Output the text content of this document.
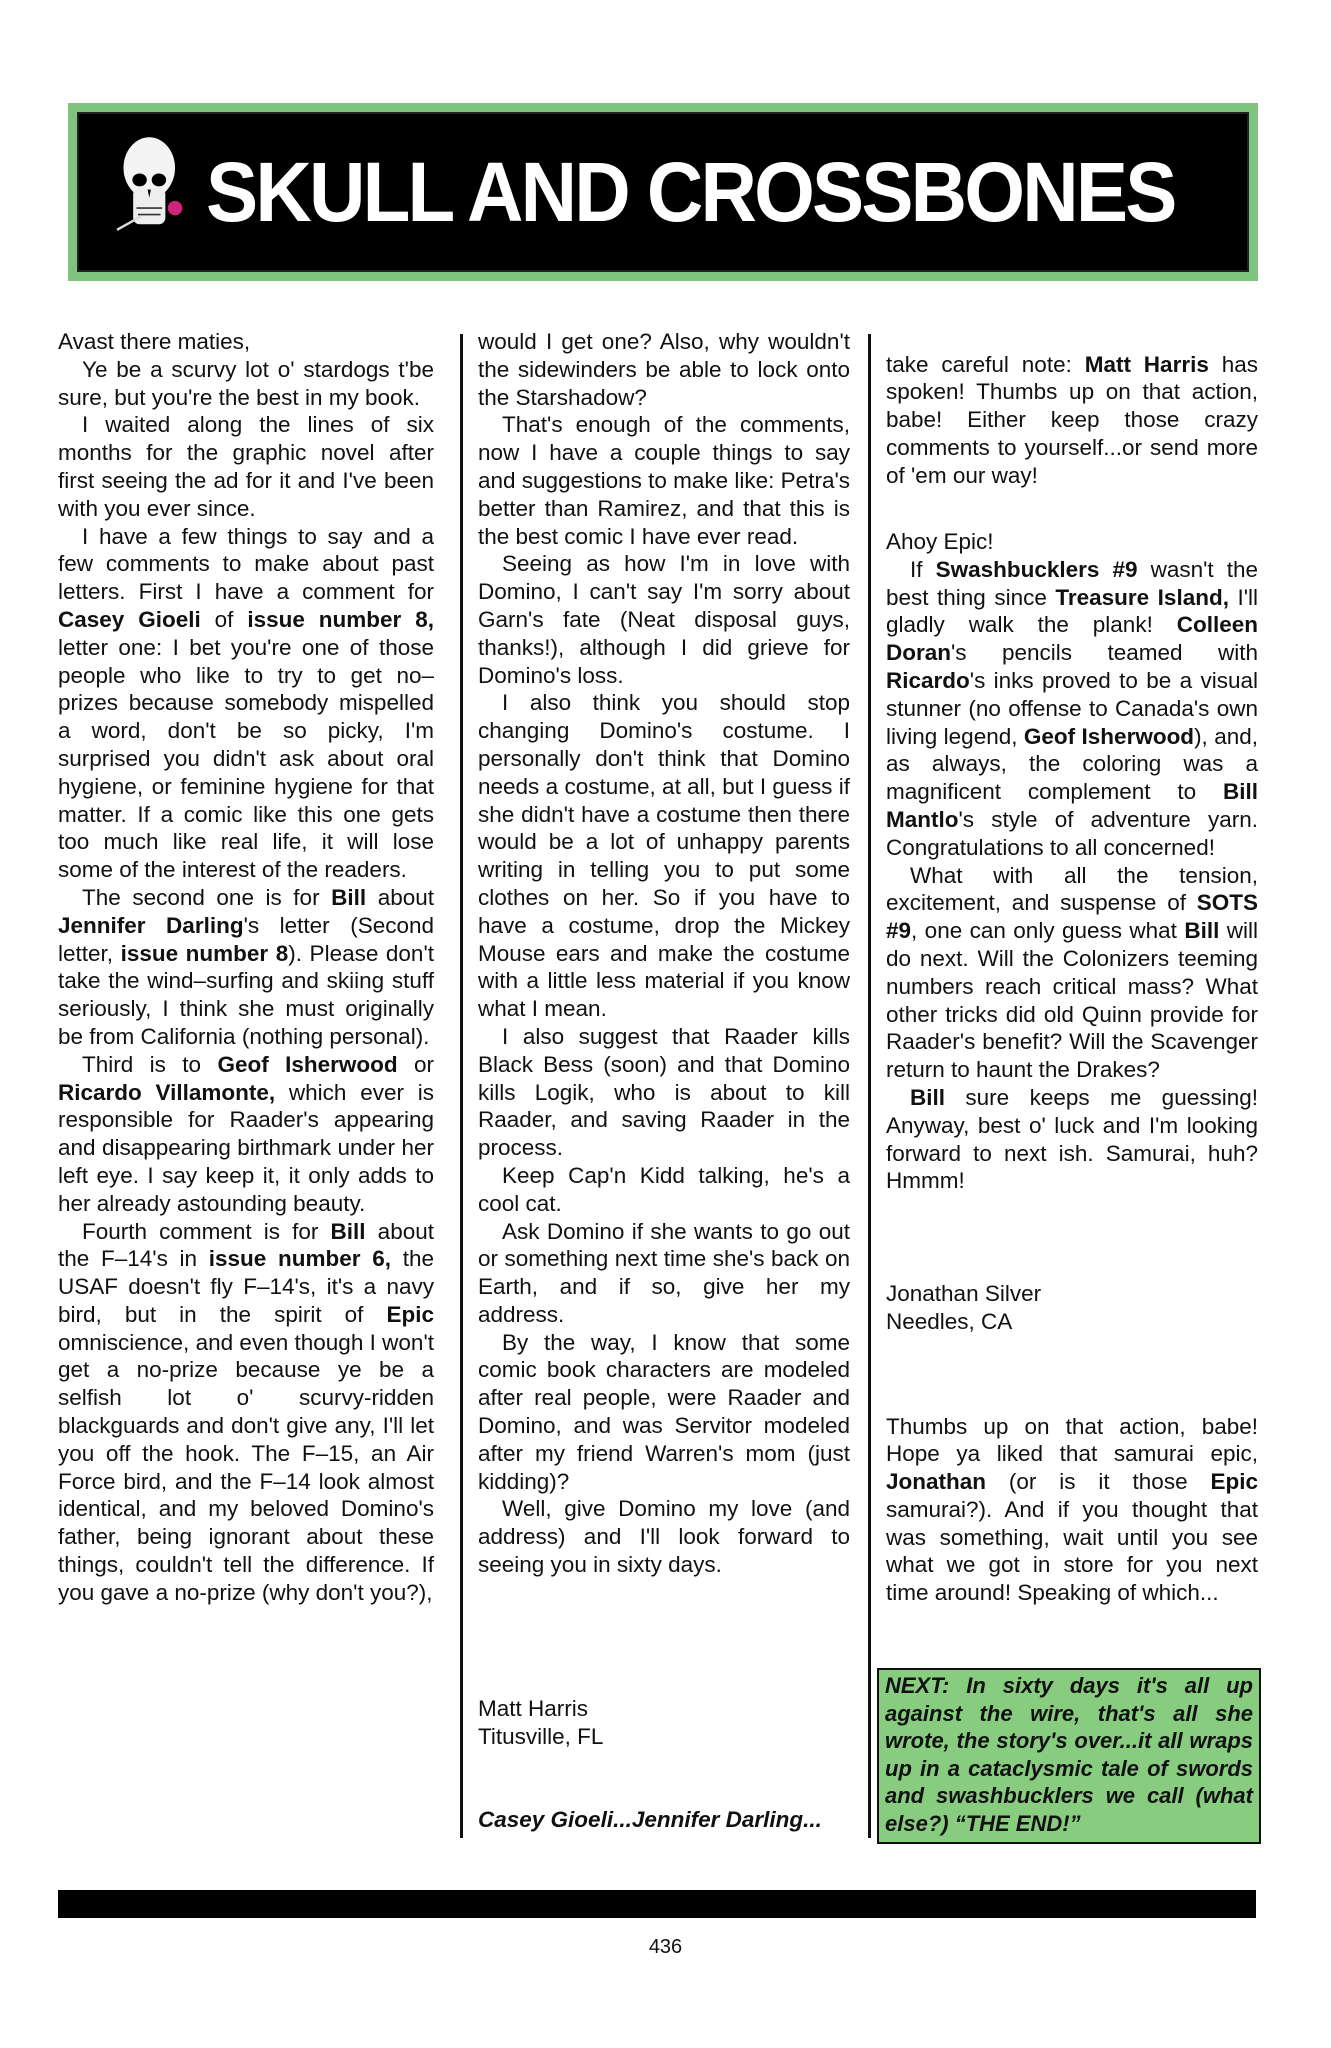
SKULL AND CROSSBONES

Avast there maties,

Ye be a scurvy lot o' stardogs t'be sure, but you're the best in my book.

I waited along the lines of six months for the graphic novel after first seeing the ad for it and I've been with you ever since.

I have a few things to say and a few comments to make about past letters. First I have a comment for Casey Gioeli of issue number 8, letter one: I bet you're one of those people who like to try to get no–prizes because somebody mispelled a word, don't be so picky, I'm surprised you didn't ask about oral hygiene, or feminine hygiene for that matter. If a comic like this one gets too much like real life, it will lose some of the interest of the readers.

The second one is for Bill about Jennifer Darling's letter (Second letter, issue number 8). Please don't take the wind–surfing and skiing stuff seriously, I think she must originally be from California (nothing personal).

Third is to Geof Isherwood or Ricardo Villamonte, which ever is responsible for Raader's appearing and disappearing birthmark under her left eye. I say keep it, it only adds to her already astounding beauty.

Fourth comment is for Bill about the F–14's in issue number 6, the USAF doesn't fly F–14's, it's a navy bird, but in the spirit of Epic omniscience, and even though I won't get a no-prize because ye be a selfish lot o' scurvy-ridden blackguards and don't give any, I'll let you off the hook. The F–15, an Air Force bird, and the F–14 look almost identical, and my beloved Domino's father, being ignorant about these things, couldn't tell the difference. If you gave a no-prize (why don't you?),

would I get one? Also, why wouldn't the sidewinders be able to lock onto the Starshadow?

That's enough of the comments, now I have a couple things to say and suggestions to make like: Petra's better than Ramirez, and that this is the best comic I have ever read.

Seeing as how I'm in love with Domino, I can't say I'm sorry about Garn's fate (Neat disposal guys, thanks!), although I did grieve for Domino's loss.

I also think you should stop changing Domino's costume. I personally don't think that Domino needs a costume, at all, but I guess if she didn't have a costume then there would be a lot of unhappy parents writing in telling you to put some clothes on her. So if you have to have a costume, drop the Mickey Mouse ears and make the costume with a little less material if you know what I mean.

I also suggest that Raader kills Black Bess (soon) and that Domino kills Logik, who is about to kill Raader, and saving Raader in the process.

Keep Cap'n Kidd talking, he's a cool cat.

Ask Domino if she wants to go out or something next time she's back on Earth, and if so, give her my address.

By the way, I know that some comic book characters are modeled after real people, were Raader and Domino, and was Servitor modeled after my friend Warren's mom (just kidding)?

Well, give Domino my love (and address) and I'll look forward to seeing you in sixty days.

Matt Harris
Titusville, FL
Casey Gioeli...Jennifer Darling...

take careful note: Matt Harris has spoken! Thumbs up on that action, babe! Either keep those crazy comments to yourself...or send more of 'em our way!

Ahoy Epic!

If Swashbucklers #9 wasn't the best thing since Treasure Island, I'll gladly walk the plank! Colleen Doran's pencils teamed with Ricardo's inks proved to be a visual stunner (no offense to Canada's own living legend, Geof Isherwood), and, as always, the coloring was a magnificent complement to Bill Mantlo's style of adventure yarn. Congratulations to all concerned!

What with all the tension, excitement, and suspense of SOTS #9, one can only guess what Bill will do next. Will the Colonizers teeming numbers reach critical mass? What other tricks did old Quinn provide for Raader's benefit? Will the Scavenger return to haunt the Drakes?

Bill sure keeps me guessing! Anyway, best o' luck and I'm looking forward to next ish. Samurai, huh? Hmmm!

Jonathan Silver
Needles, CA

Thumbs up on that action, babe! Hope ya liked that samurai epic, Jonathan (or is it those Epic samurai?). And if you thought that was something, wait until you see what we got in store for you next time around! Speaking of which...

NEXT: In sixty days it's all up against the wire, that's all she wrote, the story's over...it all wraps up in a cataclysmic tale of swords and swashbucklers we call (what else?) “THE END!”
436
